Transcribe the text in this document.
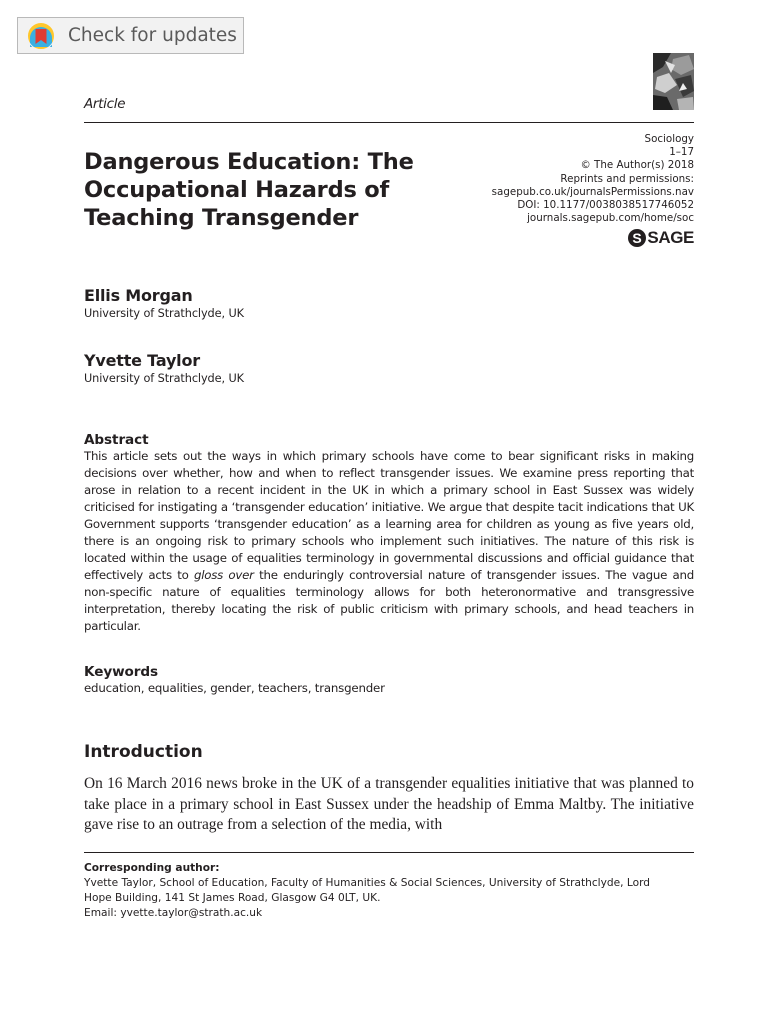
Check for updates
Article
Dangerous Education: The
Occupational Hazards of
Teaching Transgender
Sociology
1–17
© The Author(s) 2018
Reprints and permissions:
sagepub.co.uk/journalsPermissions.nav
DOI: 10.1177/0038038517746052
journals.sagepub.com/home/soc
S SAGE
Ellis Morgan
University of Strathclyde, UK
Yvette Taylor
University of Strathclyde, UK
Abstract

This article sets out the ways in which primary schools have come to bear significant risks in making decisions over whether, how and when to reflect transgender issues. We examine press reporting that arose in relation to a recent incident in the UK in which a primary school in East Sussex was widely criticised for instigating a ‘transgender education’ initiative. We argue that despite tacit indications that UK Government supports ‘transgender education’ as a learning area for children as young as five years old, there is an ongoing risk to primary schools who implement such initiatives. The nature of this risk is located within the usage of equalities terminology in governmental discussions and official guidance that effectively acts to gloss over the enduringly controversial nature of transgender issues. The vague and non-specific nature of equalities terminology allows for both heteronormative and transgressive interpretation, thereby locating the risk of public criticism with primary schools, and head teachers in particular.

Keywords
education, equalities, gender, teachers, transgender
Introduction

On 16 March 2016 news broke in the UK of a transgender equalities initiative that was planned to take place in a primary school in East Sussex under the headship of Emma Maltby. The initiative gave rise to an outrage from a selection of the media, with

Corresponding author:
Yvette Taylor, School of Education, Faculty of Humanities & Social Sciences, University of Strathclyde, Lord
Hope Building, 141 St James Road, Glasgow G4 0LT, UK.
Email: yvette.taylor@strath.ac.uk
